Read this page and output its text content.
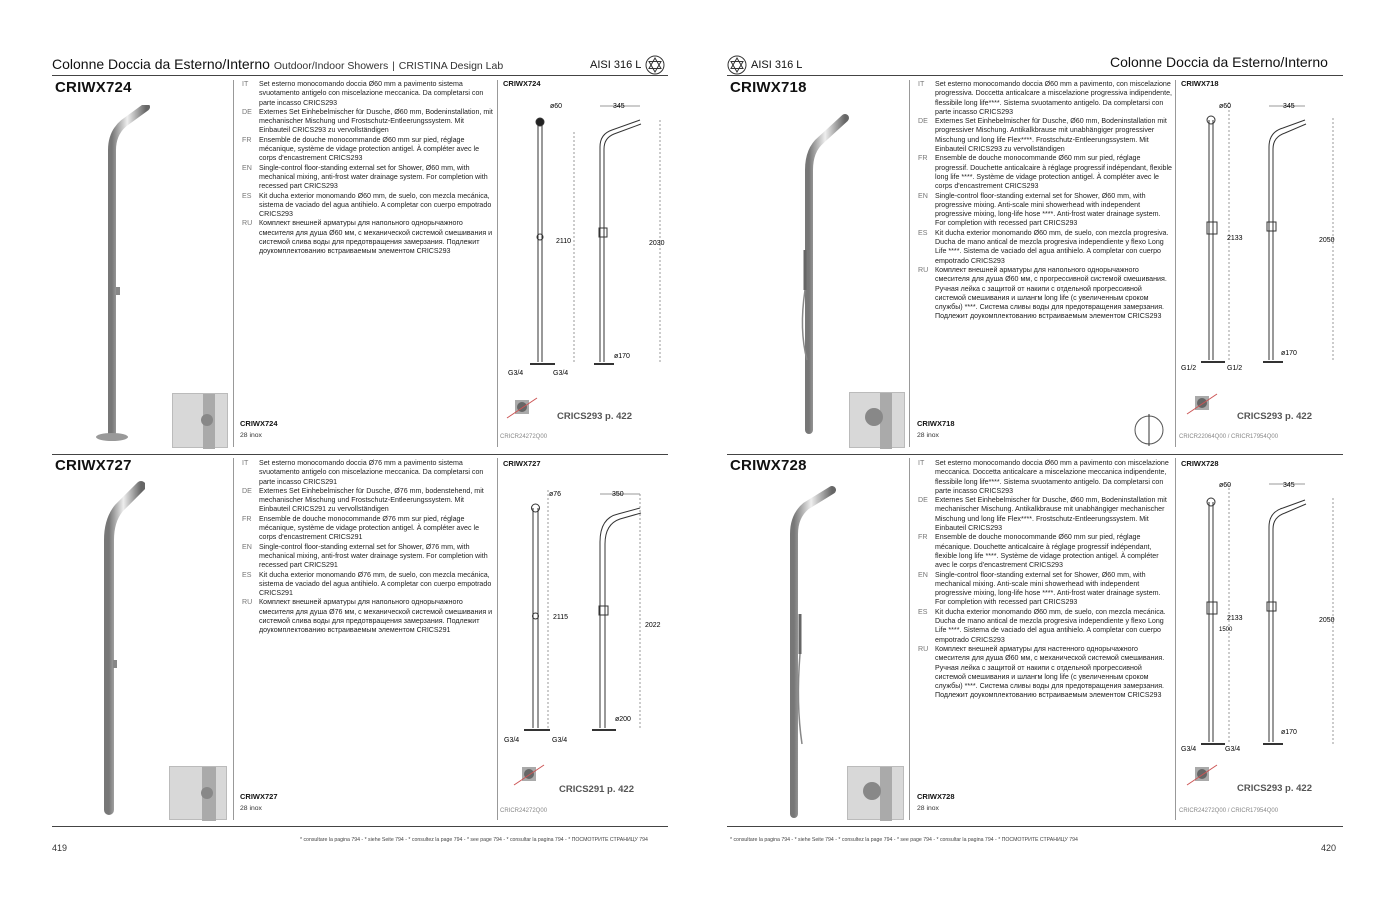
Colonne Doccia da Esterno/Interno Outdoor/Indoor Showers | CRISTINA Design Lab	AISI 316 L
CRIWX724
CRIWX724
28 inox
IT	Set esterno monocomando doccia Ø60 mm a pavimento sistema svuotamento antigelo con miscelazione meccanica. Da completarsi con parte incasso CRICS293
DE	Externes Set Einhebelmischer für Dusche, Ø60 mm, Bodeninstallation, mit mechanischer Mischung und Frostschutz-Entleerungssystem. Mit Einbauteil CRICS293 zu vervollständigen
FR	Ensemble de douche monocommande Ø60 mm sur pied, réglage mécanique, système de vidage protection antigel. À compléter avec le corps d'encastrement CRICS293
EN	Single-control floor-standing external set for Shower, Ø60 mm, with mechanical mixing, anti-frost water drainage system. For completion with recessed part CRICS293
ES	Kit ducha exterior monomando Ø60 mm, de suelo, con mezcla mecánica, sistema de vaciado del agua antihielo. A completar con cuerpo empotrado CRICS293
RU Комплект внешней арматуры для напольного однорычажного смесителя для душа Ø60 мм, с механической системой смешивания и системой слива воды для предотвращения замерзания. Подлежит доукомплектованию встраиваемым элементом CRICS293
CRIWX724
ø60	345
2110	2030
ø170
G3/4	G3/4
CRICS293 p. 422
CRICR24272Q00
CRIWX727
CRIWX727
28 inox
IT	Set esterno monocomando doccia Ø76 mm a pavimento sistema svuotamento antigelo con miscelazione meccanica. Da completarsi con parte incasso CRICS291
DE	Externes Set Einhebelmischer für Dusche, Ø76 mm, bodenstehend, mit mechanischer Mischung und Frostschutz-Entleerungssystem. Mit Einbauteil CRICS291 zu vervollständigen
FR	Ensemble de douche monocommande Ø76 mm sur pied, réglage mécanique, système de vidage protection antigel. À compléter avec le corps d'encastrement CRICS291
EN	Single-control floor-standing external set for Shower, Ø76 mm, with mechanical mixing, anti-frost water drainage system. For completion with recessed part CRICS291
ES	Kit ducha exterior monomando Ø76 mm, de suelo, con mezcla mecánica, sistema de vaciado del agua antihielo. A completar con cuerpo empotrado CRICS291
RU Комплект внешней арматуры для напольного однорычажного смесителя для душа Ø76 мм, с механической системой смешивания и системой слива воды для предотвращения замерзания. Подлежит доукомплектованию встраиваемым элементом CRICS291
CRIWX727
ø76	350
2115
2022
ø200
G3/4	G3/4
CRICS291 p. 422
CRICR24272Q00
* consultare la pagina 794 - * siehe Seite 794 - * consultez la page 794 - * see page 794 - * consultar la pagina 794 - * ПОСМОТРИТЕ СТРАНИЦУ 794
419
AISI 316 L	Colonne Doccia da Esterno/Interno
CRIWX718
CRIWX718
28 inox
IT	Set esterno monocomando doccia Ø60 mm a pavimento, con miscelazione progressiva. Doccetta anticalcare a miscelazione progressiva indipendente, flessibile long life****. Sistema svuotamento antigelo. Da completarsi con parte incasso CRICS293
DE	Externes Set Einhebelmischer für Dusche, Ø60 mm, Bodeninstallation mit progressiver Mischung. Antikalkbrause mit unabhängiger progressiver Mischung und long life Flex****. Frostschutz-Entleerungssystem. Mit Einbauteil CRICS293 zu vervollständigen
FR	Ensemble de douche monocommande Ø60 mm sur pied, réglage progressif. Douchette anticalcaire à réglage progressif indépendant, flexible long life ****. Système de vidage protection antigel. À compléter avec le corps d'encastrement CRICS293
EN	Single-control floor-standing external set for Shower, Ø60 mm, with progressive mixing. Anti-scale mini showerhead with independent progressive mixing, long-life hose ****. Anti-frost water drainage system. For completion with recessed part CRICS293
ES	Kit ducha exterior monomando Ø60 mm, de suelo, con mezcla progresiva. Ducha de mano antical de mezcla progresiva independiente y flexo Long Life ****. Sistema de vaciado del agua antihielo. A completar con cuerpo empotrado CRICS293
RU Комплект внешней арматуры для напольного однорычажного смесителя для душа Ø60 мм, с прогрессивной системой смешивания. Ручная лейка с защитой от накипи с отдельной прогрессивной системой смешивания и шлангм long life (с увеличенным сроком службы) ****. Система сливы воды для предотвращения замерзания. Подлежит доукомплектованию встраиваемым элементом CRICS293
CRIWX718
ø60	345
2133	2050
ø170
G1/2	G1/2
CRICS293 p. 422
CRICR22064Q00 / CRICR17954Q00
CRIWX728
CRIWX728
28 inox
IT	Set esterno monocomando doccia Ø60 mm a pavimento con miscelazione meccanica. Doccetta anticalcare a miscelazione meccanica indipendente, flessibile long life****. Sistema svuotamento antigelo. Da completarsi con parte incasso CRICS293
DE	Externes Set Einhebelmischer für Dusche, Ø60 mm, Bodeninstallation mit mechanischer Mischung. Antikalkbrause mit unabhängiger mechanischer Mischung und long life Flex****. Frostschutz-Entleerungssystem. Mit Einbauteil CRICS293
FR	Ensemble de douche monocommande Ø60 mm sur pied, réglage mécanique. Douchette anticalcaire à réglage progressif indépendant, flexible long life ****. Système de vidage protection antigel. À compléter avec le corps d'encastrement CRICS293
EN	Single-control floor-standing external set for Shower, Ø60 mm, with mechanical mixing. Anti-scale mini showerhead with independent progressive mixing, long-life hose ****. Anti-frost water drainage system. For completion with recessed part CRICS293
ES	Kit ducha exterior monomando Ø60 mm, de suelo, con mezcla mecánica. Ducha de mano antical de mezcla progresiva independiente y flexo Long Life ****. Sistema de vaciado del agua antihielo. A completar con cuerpo empotrado CRICS293
RU Комплект внешней арматуры для настенного однорычажного смесителя для душа Ø60 мм, с механической системой смешивания. Ручная лейка с защитой от накипи с отдельной прогрессивной системой смешивания и шлангм long life (с увеличенным сроком службы) ****. Система сливы воды для предотвращения замерзания. Подлежит доукомплектованию встраиваемым элементом CRICS293
CRIWX728
ø60	345
2133
1500
2050
ø170
G3/4	G3/4
CRICS293 p. 422
CRICR24272Q00 / CRICR17954Q00
* consultare la pagina 794 - * siehe Seite 794 - * consultez la page 794 - * see page 794 - * consultar la pagina 794 - * ПОСМОТРИТЕ СТРАНИЦУ 794
420
